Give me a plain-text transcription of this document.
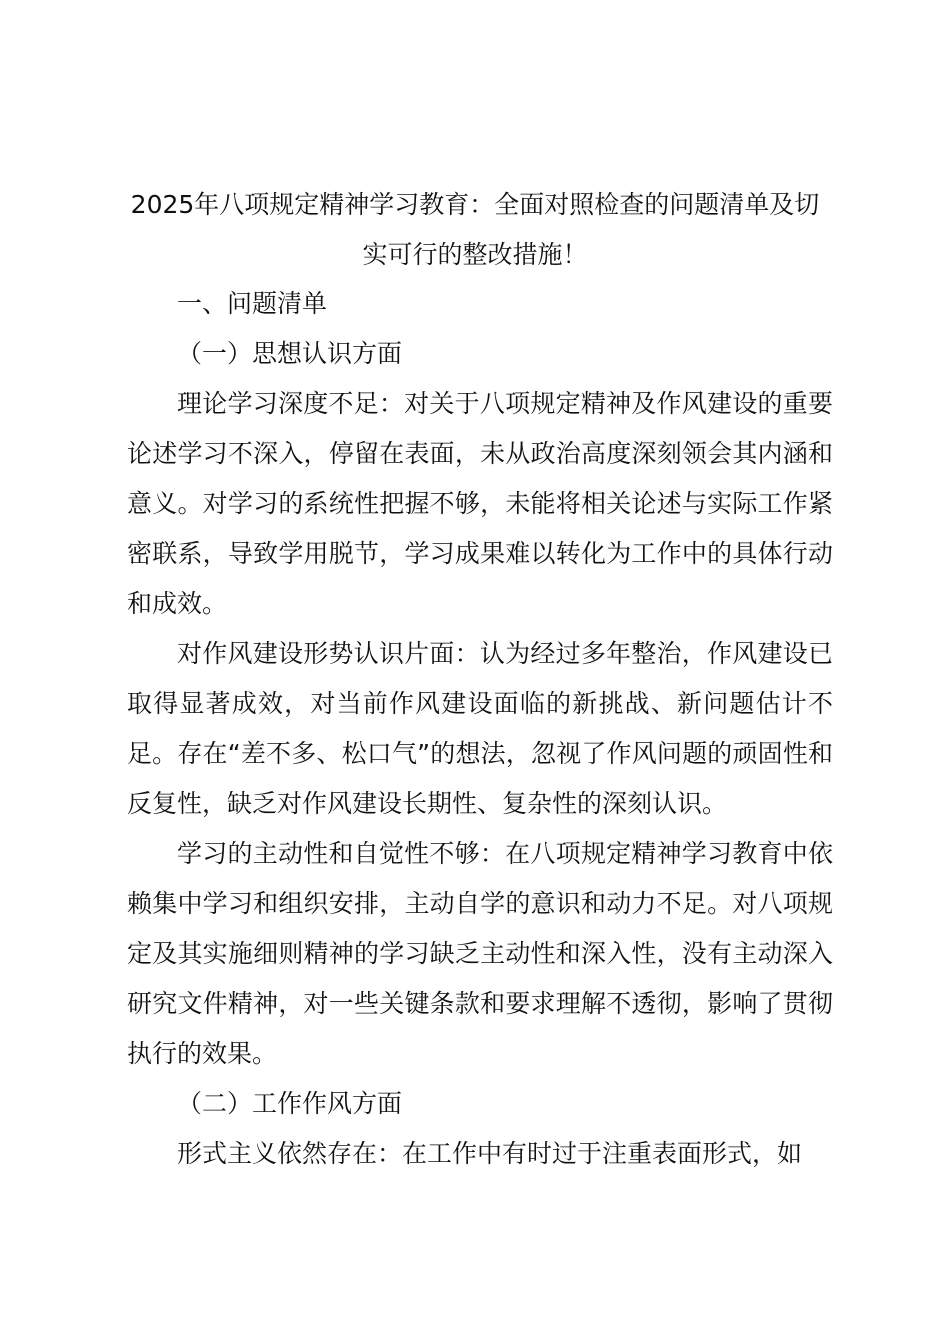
2025年八项规定精神学习教育：全面对照检查的问题清单及切
实可行的整改措施！

一、问题清单

（一）思想认识方面

理论学习深度不足：对关于八项规定精神及作风建设的重要论述学习不深入，停留在表面，未从政治高度深刻领会其内涵和意义。对学习的系统性把握不够，未能将相关论述与实际工作紧密联系，导致学用脱节，学习成果难以转化为工作中的具体行动和成效。

对作风建设形势认识片面：认为经过多年整治，作风建设已取得显著成效，对当前作风建设面临的新挑战、新问题估计不足。存在“差不多、松口气”的想法，忽视了作风问题的顽固性和反复性，缺乏对作风建设长期性、复杂性的深刻认识。

学习的主动性和自觉性不够：在八项规定精神学习教育中依赖集中学习和组织安排，主动自学的意识和动力不足。对八项规定及其实施细则精神的学习缺乏主动性和深入性，没有主动深入研究文件精神，对一些关键条款和要求理解不透彻，影响了贯彻执行的效果。

（二）工作作风方面

形式主义依然存在：在工作中有时过于注重表面形式，如
